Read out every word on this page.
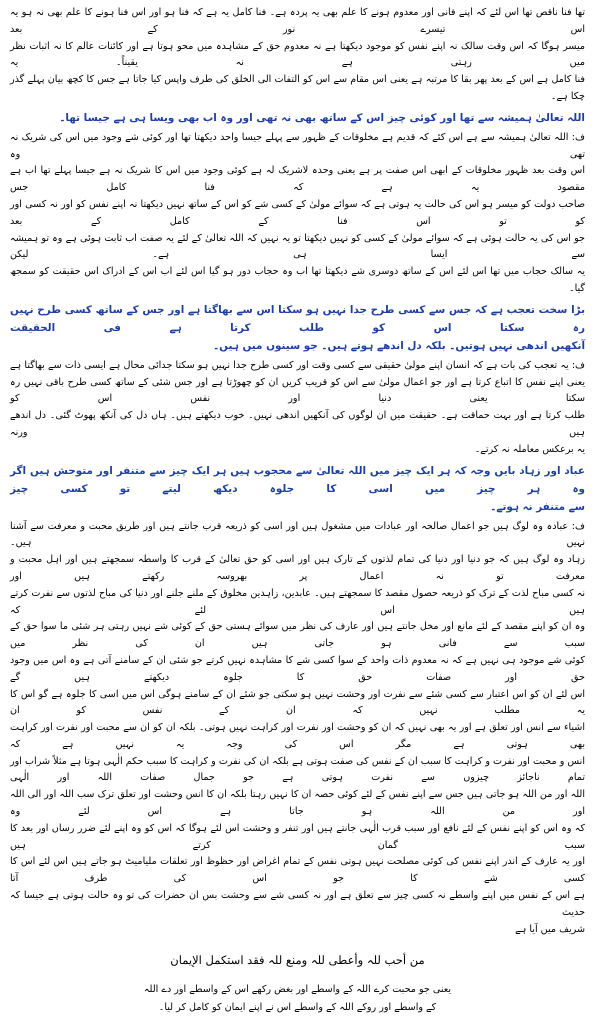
تھا فنا ناقص تھا اس لئے کہ اپنے فانی اور معدوم ہونے کا علم بھی یہ پردہ ہے۔ فنا کامل یہ ہے کہ فنا ہو اور اس فنا ہونے کا علم بھی نہ ہو یہ اس تیسرے نور کے بعد

میسر ہوگا کہ اس وقت سالک نہ اپنے نفس کو موجود دیکھتا ہے نہ معدوم حق کے مشاہدہ میں محو ہوتا ہے اور کائنات عالم کا نہ اثبات نظر میں رہتی ہے نہ یقیناً۔ یہ

فنا کامل ہے اس کے بعد پھر بقا کا مرتبہ ہے یعنی اس مقام سے اس کو التفات الی الخلق کی طرف واپس کیا جاتا ہے جس کا کچھ بیان پہلے گذر چکا ہے۔

اللہ تعالیٰ ہمیشہ سے تھا اور کوئی چیز اس کے ساتھ بھی نہ تھی اور وہ اب بھی ویسا ہی ہے جیسا تھا۔

ف: اللہ تعالیٰ ہمیشہ سے ہے اس کئے کہ قدیم ہے مخلوقات کے ظہور سے پہلے جیسا واحد دیکھتا تھا اور کوئی شے وجود میں اس کی شریک نہ تھی وہ

اس وقت بعد ظہور مخلوقات کے ابھی اس صفت پر ہے یعنی وحدہ لاشریک لہ ہے کوئی وجود میں اس کا شریک نہ ہے جیسا پہلے تھا اب ہے مقصود یہ ہے کہ فنا کامل جس

صاحب دولت کو میسر ہو اس کی حالت یہ ہوتی ہے کہ سوائے مولیٰ کے کسی شے کو اس کے ساتھ نہیں دیکھتا نہ اپنے نفس کو اور نہ کسی اور کو تو اس فنا کے کامل کے بعد

جو اس کی یہ حالت ہوئی ہے کہ سوائے مولیٰ کے کسی کو نہیں دیکھتا تو یہ نہیں کہ اللہ تعالیٰ کے لئے یہ صفت اب ثابت ہوئی ہے وہ تو ہمیشہ سے ایسا ہی ہے۔ لیکن

یہ سالک حجاب میں تھا اس لئے اس کے ساتھ دوسری شے دیکھتا تھا اب وہ حجاب دور ہو گیا اس لئے اب اس کے ادراک اس حقیقت کو سمجھ گیا۔

بڑا سخت تعجب ہے کہ جس سے کسی طرح جدا نہیں ہو سکتا اس سے بھاگتا ہے اور جس کے ساتھ کسی طرح نہیں رہ سکتا اس کو طلب کرتا ہے فی الحقیقت

آنکھیں اندھی نہیں ہوتیں۔ بلکہ دل اندھے ہوتے ہیں۔ جو سینوں میں ہیں۔

ف: یہ تعجب کی بات ہے کہ انسان اپنے مولیٰ حقیقی سے کسی وقت اور کسی طرح جدا نہیں ہو سکتا جدائی محال ہے ایسی ذات سے بھاگتا ہے

یعنی اپنے نفس کا اتباع کرتا ہے اور جو اعمال مولیٰ سے اس کو قریب کریں ان کو چھوڑتا ہے اور جس شئی کے ساتھ کسی طرح باقی نہیں رہ سکتا یعنی دنیا اور نفس اس کو

طلب کرتا ہے اور بہت حماقت ہے۔ حقیقت میں ان لوگوں کی آنکھیں اندھی نہیں۔ خوب دیکھتے ہیں۔ ہاں دل کی آنکھ پھوٹ گئی۔ دل اندھے ہیں ورنہ

یہ برعکس معاملہ نہ کرتے۔

عباد اور زہاد بایں وجہ کہ ہر ایک چیز میں اللہ تعالیٰ سے محجوب ہیں ہر ایک چیز سے متنفر اور متوحش ہیں اگر وہ ہر چیز میں اسی کا جلوہ دیکھ لیتے تو کسی چیز

سے متنفر نہ ہوتے۔

ف: عبادہ وہ لوگ ہیں جو اعمال صالحہ اور عبادات میں مشغول ہیں اور اسی کو ذریعہ قرب جانتے ہیں اور طریق محبت و معرفت سے آشنا نہیں ہیں۔

زہاد وہ لوگ ہیں کہ جو دنیا اور دنیا کی تمام لذتوں کے تارک ہیں اور اسی کو حق تعالیٰ کے قرب کا واسطہ سمجھتے ہیں اور اہل محبت و معرفت تو نہ اعمال پر بھروسہ رکھتے ہیں اور

نہ کسی مباح لذت کے ترک کو ذریعہ حصول مقصد کا سمجھتے ہیں۔ عابدین، زاہدین مخلوق کے ملنے جلنے اور دنیا کی مباح لذتوں سے نفرت کرتے ہیں اس لئے کہ

وہ ان کو اپنے مقصد کے لئے مانع اور مخل جانتے ہیں اور عارف کی نظر میں سوائے ہستی حق کے کوئی شے نہیں رہتی ہر شئی ما سوا حق کے سبب سے فانی ہو جاتی ہیں ان کی نظر میں

کوئی شے موجود ہی نہیں ہے کہ نہ معدوم ذات واحد کے سوا کسی شے کا مشاہدہ نہیں کرتے جو شئی ان کے سامنے آتی ہے وہ اس میں وجود حق اور صفات حق کا جلوہ دیکھتے ہیں گے

اس لئے ان کو اس اعتبار سے کسی شئے سے نفرت اور وحشت نہیں ہو سکتی جو شئے ان کے سامنے ہوگی اس میں اسی کا جلوہ ہے گو اس کا یہ مطلب نہیں کہ ان کے نفس کو ان

اشیاء سے انس اور تعلق ہے اور یہ بھی نہیں کہ ان کو وحشت اور نفرت اور کراہت نہیں ہوتی۔ بلکہ ان کو ان سے محبت اور نفرت اور کراہت بھی ہوتی ہے مگر اس کی وجہ یہ نہیں ہے کہ

انس و محبت اور نفرت و کراہت کا سبب ان کے نفس کی صفت ہوتی ہے بلکہ ان کی نفرت و کراہت کا سبب حکم الٰہی ہوتا ہے مثلاً شراب اور تمام ناجائز چیزوں سے نفرت ہوتی ہے جو جمال صفات اللہ اور الٰہی

اللہ اور من اللہ ہو جاتی ہیں جس سے اپنے نفس کے لئے کوئی حصہ ان کا نہیں رہتا بلکہ ان کا انس وحشت اور تعلق ترک سب اللہ اور الی اللہ اور من اللہ ہو جاتا ہے اس لئے وہ

کہ وہ اس کو اپنے نفس کے لئے نافع اور سبب قرب الٰہی جانتے ہیں اور تنفر و وحشت اس لئے ہوگا کہ اس کو وہ اپنے لئے ضرر رساں اور بعد کا سبب گمان کرتے ہیں

اور یہ عارف کے اندر اپنے نفس کی کوئی مصلحت نہیں ہوتی نفس کے تمام اغراض اور حظوظ اور تعلقات ملیامیٹ ہو جاتے ہیں اس لئے اس کا کسی شے کا جو اس کی طرف آتا

ہے اس کے نفس میں اپنے واسطے نہ کسی چیز سے تعلق ہے اور نہ کسی شے سے وحشت بس ان حضرات کی تو وہ حالت ہوتی ہے جیسا کہ حدیث

شریف میں آیا ہے

من أحب للہ وأعطی للہ ومنع للہ فقد استکمل الإیمان

یعنی جو محبت کرے اللہ کے واسطے اور بغض رکھے اس کے واسطے اور دے اللہ

کے واسطے اور روکے اللہ کے واسطے اس نے اپنے ایمان کو کامل کر لیا۔
